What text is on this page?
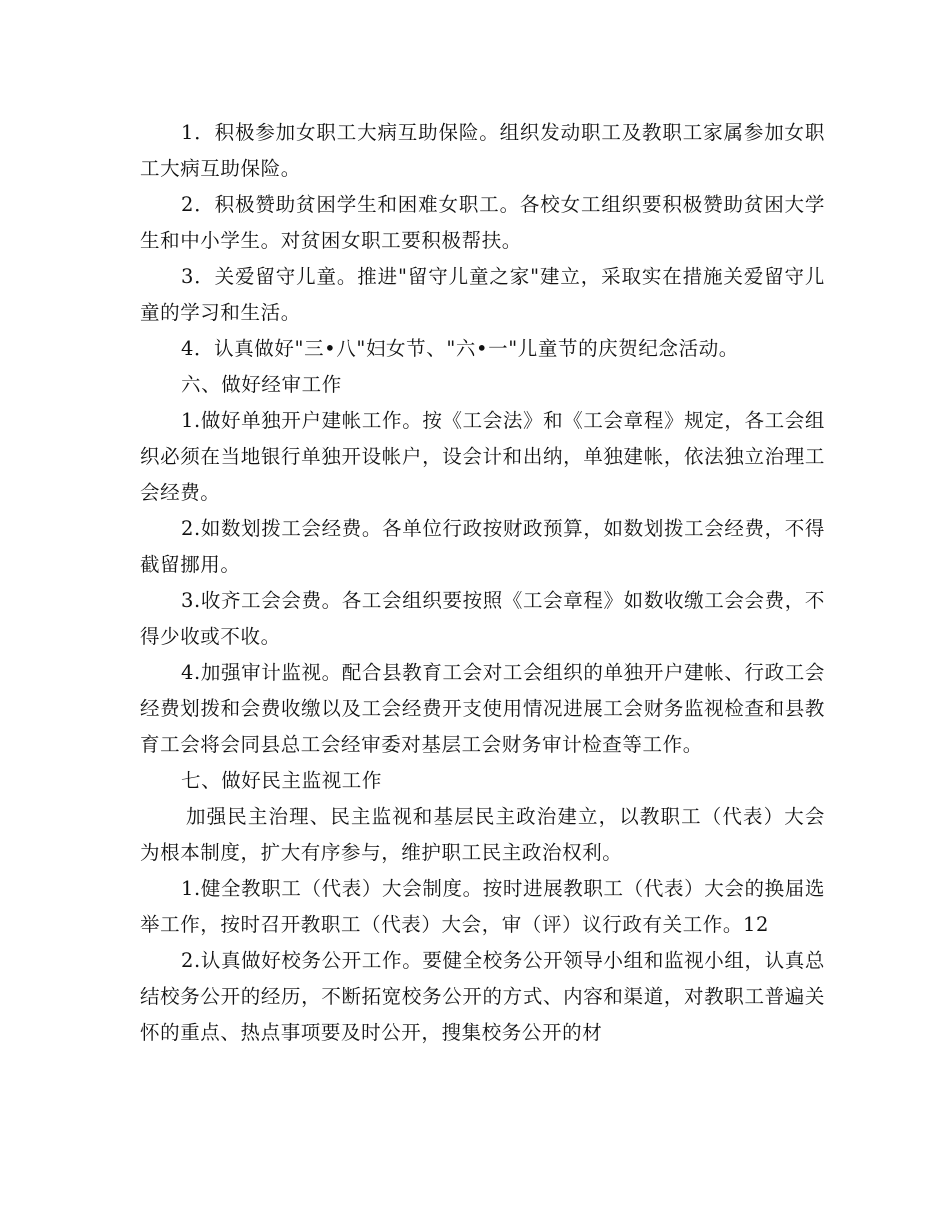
1．积极参加女职工大病互助保险。组织发动职工及教职工家属参加女职工大病互助保险。

2．积极赞助贫困学生和困难女职工。各校女工组织要积极赞助贫困大学生和中小学生。对贫困女职工要积极帮扶。

3．关爱留守儿童。推进"留守儿童之家"建立，采取实在措施关爱留守儿童的学习和生活。

4．认真做好"三•八"妇女节、"六•一"儿童节的庆贺纪念活动。

六、做好经审工作

1.做好单独开户建帐工作。按《工会法》和《工会章程》规定，各工会组织必须在当地银行单独开设帐户，设会计和出纳，单独建帐，依法独立治理工会经费。

2.如数划拨工会经费。各单位行政按财政预算，如数划拨工会经费，不得截留挪用。

3.收齐工会会费。各工会组织要按照《工会章程》如数收缴工会会费，不得少收或不收。

4.加强审计监视。配合县教育工会对工会组织的单独开户建帐、行政工会经费划拨和会费收缴以及工会经费开支使用情况进展工会财务监视检查和县教育工会将会同县总工会经审委对基层工会财务审计检查等工作。

七、做好民主监视工作

加强民主治理、民主监视和基层民主政治建立，以教职工（代表）大会为根本制度，扩大有序参与，维护职工民主政治权利。

1.健全教职工（代表）大会制度。按时进展教职工（代表）大会的换届选举工作，按时召开教职工（代表）大会，审（评）议行政有关工作。12

2.认真做好校务公开工作。要健全校务公开领导小组和监视小组，认真总结校务公开的经历，不断拓宽校务公开的方式、内容和渠道，对教职工普遍关怀的重点、热点事项要及时公开，搜集校务公开的材
